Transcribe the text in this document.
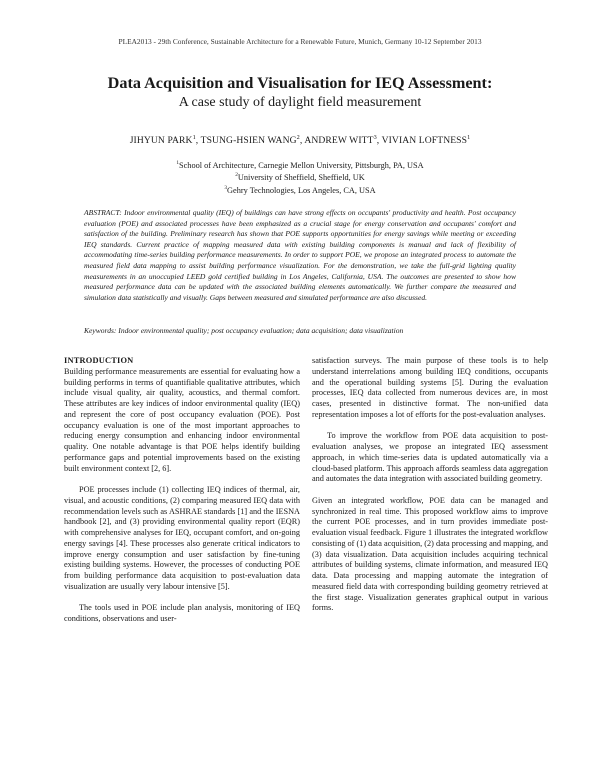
PLEA2013 - 29th Conference, Sustainable Architecture for a Renewable Future, Munich, Germany 10-12 September 2013
Data Acquisition and Visualisation for IEQ Assessment:
A case study of daylight field measurement
JIHYUN PARK$^1$, TSUNG-HSIEN WANG$^2$, ANDREW WITT$^3$, VIVIAN LOFTNESS$^1$
$^1$School of Architecture, Carnegie Mellon University, Pittsburgh, PA, USA
$^2$University of Sheffield, Sheffield, UK
$^3$Gehry Technologies, Los Angeles, CA, USA
ABSTRACT: Indoor environmental quality (IEQ) of buildings can have strong effects on occupants' productivity and health. Post occupancy evaluation (POE) and associated processes have been emphasized as a crucial stage for energy conservation and occupants' comfort and satisfaction of the building. Preliminary research has shown that POE supports opportunities for energy savings while meeting or exceeding IEQ standards. Current practice of mapping measured data with existing building components is manual and lack of flexibility of accommodating time-series building performance measurements. In order to support POE, we propose an integrated process to automate the measured field data mapping to assist building performance visualization. For the demonstration, we take the full-grid lighting quality measurements in an unoccupied LEED gold certified building in Los Angeles, California, USA. The outcomes are presented to show how measured performance data can be updated with the associated building elements automatically. We further compare the measured and simulation data statistically and visually. Gaps between measured and simulated performance are also discussed.
Keywords: Indoor environmental quality; post occupancy evaluation; data acquisition; data visualization
INTRODUCTION

Building performance measurements are essential for evaluating how a building performs in terms of quantifiable qualitative attributes, which include visual quality, air quality, acoustics, and thermal comfort. These attributes are key indices of indoor environmental quality (IEQ) and represent the core of post occupancy evaluation (POE). Post occupancy evaluation is one of the most important approaches to reducing energy consumption and enhancing indoor environmental quality. One notable advantage is that POE helps identify building performance gaps and potential improvements based on the existing built environment context [2, 6].

POE processes include (1) collecting IEQ indices of thermal, air, visual, and acoustic conditions, (2) comparing measured IEQ data with recommendation levels such as ASHRAE standards [1] and the IESNA handbook [2], and (3) providing environmental quality report (EQR) with comprehensive analyses for IEQ, occupant comfort, and on-going energy savings [4]. These processes also generate critical indicators to improve energy consumption and user satisfaction by fine-tuning existing building systems. However, the processes of conducting POE from building performance data acquisition to post-evaluation data visualization are usually very labour intensive [5].

The tools used in POE include plan analysis, monitoring of IEQ conditions, observations and user-

satisfaction surveys. The main purpose of these tools is to help understand interrelations among building IEQ conditions, occupants and the operational building systems [5]. During the evaluation processes, IEQ data collected from numerous devices are, in most cases, presented in distinctive format. The non-unified data representation imposes a lot of efforts for the post-evaluation analyses.

To improve the workflow from POE data acquisition to post-evaluation analyses, we propose an integrated IEQ assessment approach, in which time-series data is updated automatically via a cloud-based platform. This approach affords seamless data aggregation and automates the data integration with associated building geometry.

Given an integrated workflow, POE data can be managed and synchronized in real time. This proposed workflow aims to improve the current POE processes, and in turn provides immediate post-evaluation visual feedback. Figure 1 illustrates the integrated workflow consisting of (1) data acquisition, (2) data processing and mapping, and (3) data visualization. Data acquisition includes acquiring technical attributes of building systems, climate information, and measured IEQ data. Data processing and mapping automate the integration of measured field data with corresponding building geometry retrieved at the first stage. Visualization generates graphical output in various forms.
